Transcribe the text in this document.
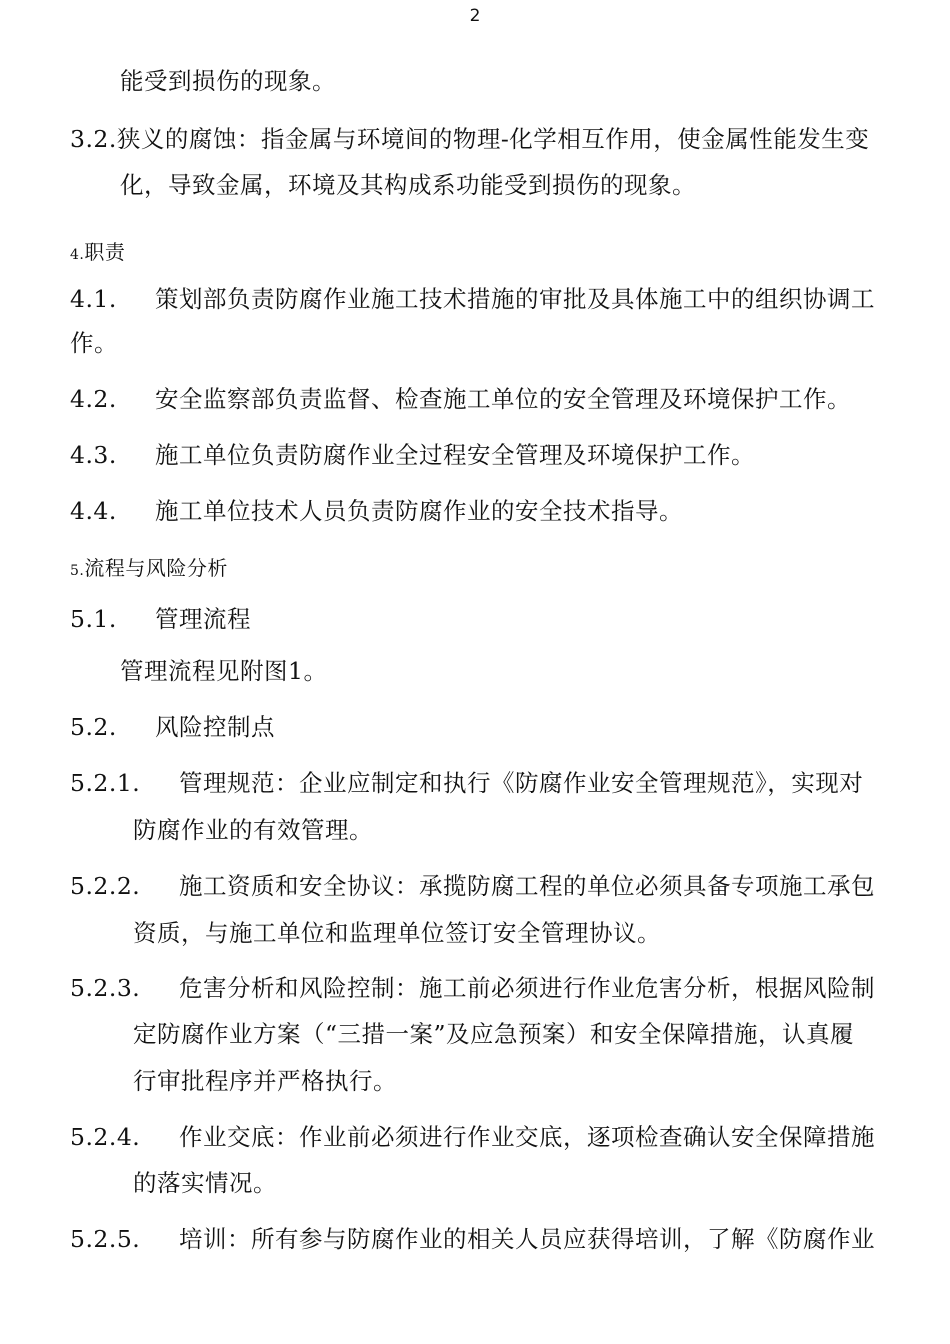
2
能受到损伤的现象。
3.2.狭义的腐蚀：指金属与环境间的物理-化学相互作用，使金属性能发生变
化，导致金属，环境及其构成系功能受到损伤的现象。
4.职责
4.1. 策划部负责防腐作业施工技术措施的审批及具体施工中的组织协调工
作。
4.2. 安全监察部负责监督、检查施工单位的安全管理及环境保护工作。
4.3. 施工单位负责防腐作业全过程安全管理及环境保护工作。
4.4. 施工单位技术人员负责防腐作业的安全技术指导。
5.流程与风险分析
5.1. 管理流程
管理流程见附图1。
5.2. 风险控制点
5.2.1. 管理规范：企业应制定和执行《防腐作业安全管理规范》，实现对
防腐作业的有效管理。
5.2.2. 施工资质和安全协议：承揽防腐工程的单位必须具备专项施工承包
资质，与施工单位和监理单位签订安全管理协议。
5.2.3. 危害分析和风险控制：施工前必须进行作业危害分析，根据风险制
定防腐作业方案（“三措一案”及应急预案）和安全保障措施，认真履
行审批程序并严格执行。
5.2.4. 作业交底：作业前必须进行作业交底，逐项检查确认安全保障措施
的落实情况。
5.2.5. 培训：所有参与防腐作业的相关人员应获得培训，了解《防腐作业
